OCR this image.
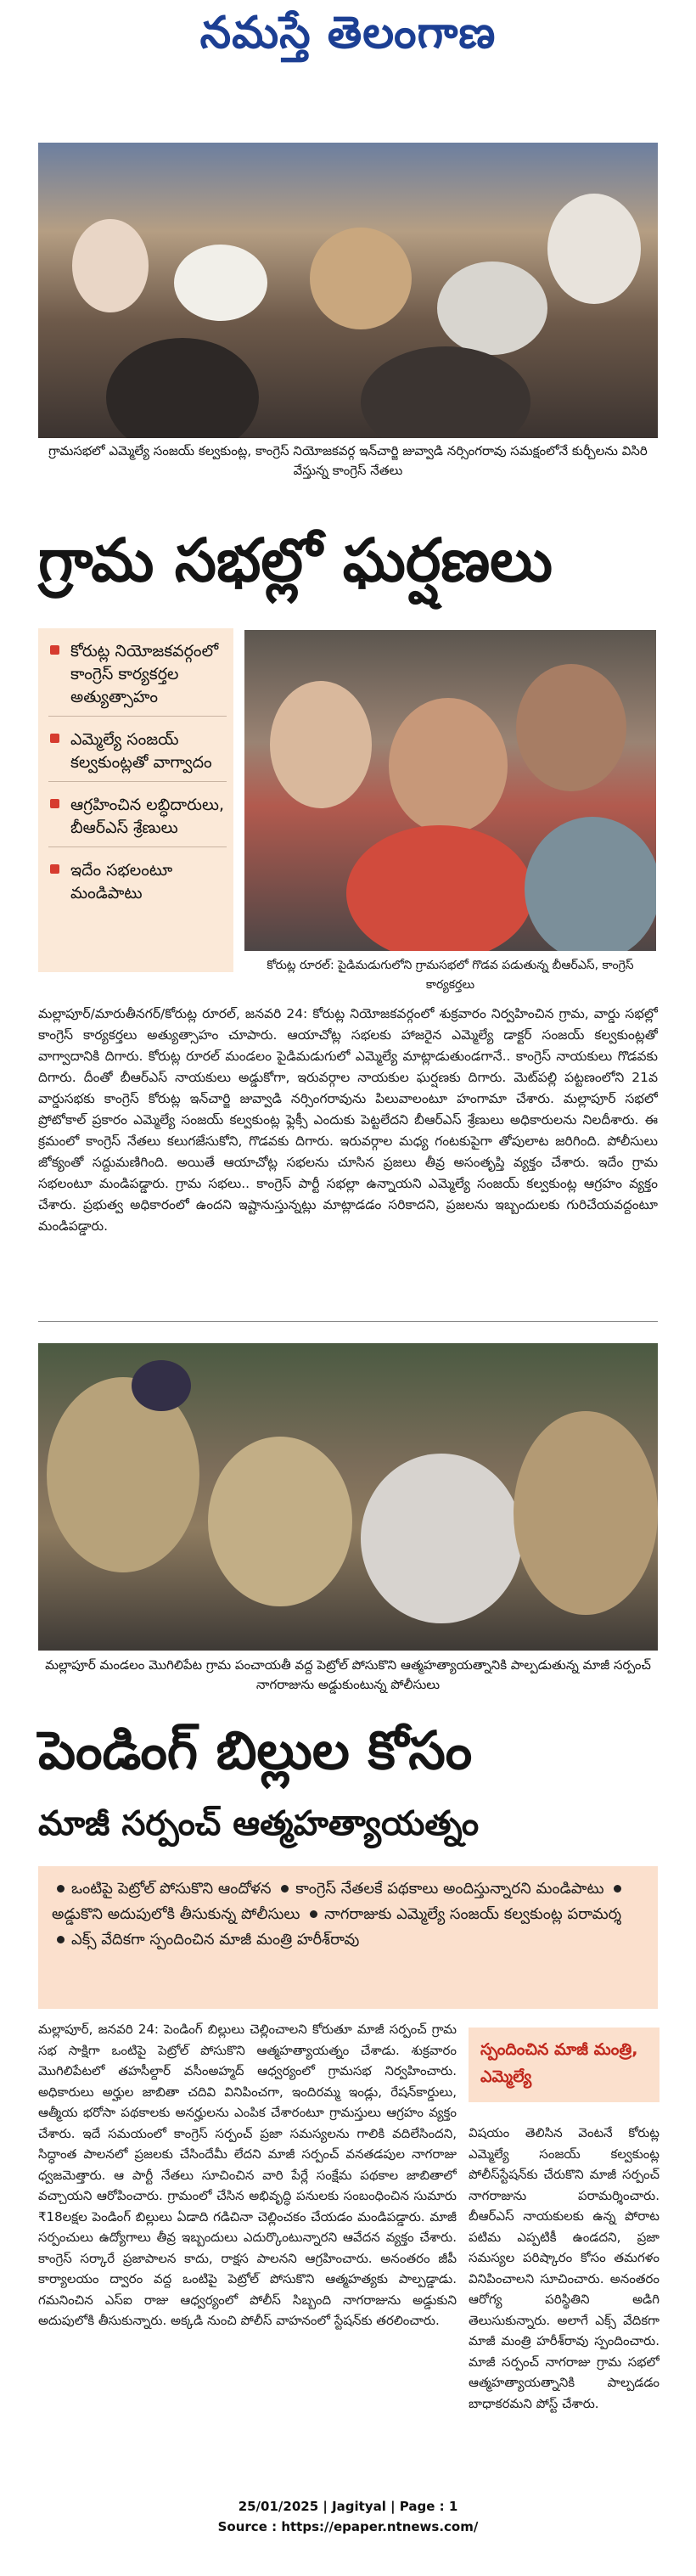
నమస్తే తెలంగాణ
గ్రామసభలో ఎమ్మెల్యే సంజయ్ కల్వకుంట్ల, కాంగ్రెస్ నియోజకవర్గ ఇన్‌చార్జి జువ్వాడి నర్సింగరావు సమక్షంలోనే కుర్చీలను విసిరి వేస్తున్న కాంగ్రెస్ నేతలు
గ్రామ సభల్లో ఘర్షణలు
కోరుట్ల నియోజకవర్గంలో కాంగ్రెస్ కార్యకర్తల అత్యుత్సాహం
ఎమ్మెల్యే సంజయ్ కల్వకుంట్లతో వాగ్వాదం
ఆగ్రహించిన లబ్ధిదారులు, బీఆర్ఎస్ శ్రేణులు
ఇదేం సభలంటూ మండిపాటు
కోరుట్ల రూరల్: పైడిమడుగులోని గ్రామసభలో గొడవ పడుతున్న బీఆర్ఎస్, కాంగ్రెస్ కార్యకర్తలు
మల్లాపూర్/మారుతీనగర్/కోరుట్ల రూరల్, జనవరి 24: కోరుట్ల నియోజకవర్గంలో శుక్రవారం నిర్వహించిన గ్రామ, వార్డు సభల్లో కాంగ్రెస్ కార్యకర్తలు అత్యుత్సాహం చూపారు. ఆయాచోట్ల సభలకు హాజరైన ఎమ్మెల్యే డాక్టర్ సంజయ్ కల్వకుంట్లతో వాగ్వాదానికి దిగారు. కోరుట్ల రూరల్ మండలం పైడిమడుగులో ఎమ్మెల్యే మాట్లాడుతుండగానే.. కాంగ్రెస్ నాయకులు గొడవకు దిగారు. దీంతో బీఆర్ఎస్ నాయకులు అడ్డుకోగా, ఇరువర్గాల నాయకుల ఘర్షణకు దిగారు. మెట్‌పల్లి పట్టణంలోని 21వ వార్డుసభకు కాంగ్రెస్ కోరుట్ల ఇన్‌చార్జి జువ్వాడి నర్సింగరావును పిలువాలంటూ హంగామా చేశారు. మల్లాపూర్ సభలో ప్రోటోకాల్ ప్రకారం ఎమ్మెల్యే సంజయ్ కల్వకుంట్ల ఫ్లెక్సీ ఎందుకు పెట్టలేదని బీఆర్ఎస్ శ్రేణులు అధికారులను నిలదీశారు. ఈ క్రమంలో కాంగ్రెస్ నేతలు కలుగజేసుకోని, గొడవకు దిగారు. ఇరువర్గాల మధ్య గంటకుపైగా తోపులాట జరిగింది. పోలీసులు జోక్యంతో సద్దుమణిగింది. అయితే ఆయాచోట్ల సభలను చూసిన ప్రజలు తీవ్ర అసంతృప్తి వ్యక్తం చేశారు. ఇదేం గ్రామ సభలంటూ మండిపడ్డారు. గ్రామ సభలు.. కాంగ్రెస్ పార్టీ సభల్లా ఉన్నాయని ఎమ్మెల్యే సంజయ్ కల్వకుంట్ల ఆగ్రహం వ్యక్తం చేశారు. ప్రభుత్వ అధికారంలో ఉందని ఇష్టానుస్తున్నట్లు మాట్లాడడం సరికాదని, ప్రజలను ఇబ్బందులకు గురిచేయవద్దంటూ మండిపడ్డారు.
మల్లాపూర్ మండలం మొగిలిపేట గ్రామ పంచాయతీ వద్ద పెట్రోల్ పోసుకొని ఆత్మహత్యాయత్నానికి పాల్పడుతున్న మాజీ సర్పంచ్ నాగరాజును అడ్డుకుంటున్న పోలీసులు
పెండింగ్ బిల్లుల కోసం
మాజీ సర్పంచ్ ఆత్మహత్యాయత్నం
ఒంటిపై పెట్రోల్ పోసుకొని ఆందోళన కాంగ్రెస్ నేతలకే పథకాలు అందిస్తున్నారని మండిపాటు అడ్డుకొని అదుపులోకి తీసుకున్న పోలీసులు నాగరాజుకు ఎమ్మెల్యే సంజయ్ కల్వకుంట్ల పరామర్శ ఎక్స్ వేదికగా స్పందించిన మాజీ మంత్రి హరీశ్‌రావు
మల్లాపూర్, జనవరి 24: పెండింగ్ బిల్లులు చెల్లించాలని కోరుతూ మాజీ సర్పంచ్ గ్రామ సభ సాక్షిగా ఒంటిపై పెట్రోల్ పోసుకొని ఆత్మహత్యాయత్నం చేశాడు. శుక్రవారం మొగిలిపేటలో తహసీల్దార్ వసీంఅహ్మద్ ఆధ్వర్యంలో గ్రామసభ నిర్వహించారు. అధికారులు అర్హుల జాబితా చదివి వినిపించగా, ఇందిరమ్మ ఇండ్లు, రేషన్‌కార్డులు, ఆత్మీయ భరోసా పథకాలకు అనర్హులను ఎంపిక చేశారంటూ గ్రామస్తులు ఆగ్రహం వ్యక్తం చేశారు. ఇదే సమయంలో కాంగ్రెస్ సర్పంచ్ ప్రజా సమస్యలను గాలికి వదిలేసిందని, సిద్ధాంత పాలనలో ప్రజలకు చేసిందేమీ లేదని మాజీ సర్పంచ్ వనతడపుల నాగరాజు ధ్వజమెత్తారు. ఆ పార్టీ నేతలు సూచించిన వారి పేర్లే సంక్షేమ పథకాల జాబితాలో వచ్చాయని ఆరోపించారు. గ్రామంలో చేసిన అభివృద్ధి పనులకు సంబంధించిన సుమారు ₹18లక్షల పెండింగ్ బిల్లులు ఏడాది గడిచినా చెల్లించకం చేయడం మండిపడ్డారు. మాజీ సర్పంచులు ఉద్యోగాలు తీవ్ర ఇబ్బందులు ఎదుర్కొంటున్నారని ఆవేదన వ్యక్తం చేశారు. కాంగ్రెస్ సర్కారే ప్రజాపాలన కాదు, రాక్షస పాలనని ఆగ్రహించారు. అనంతరం జీపీ కార్యాలయం ద్వారం వద్ద ఒంటిపై పెట్రోల్ పోసుకొని ఆత్మహత్యకు పాల్పడ్డాడు. గమనించిన ఎస్‌ఐ రాజు ఆధ్వర్యంలో పోలీస్ సిబ్బంది నాగరాజును అడ్డుకుని అదుపులోకి తీసుకున్నారు. అక్కడి నుంచి పోలీస్ వాహనంలో స్టేషన్‌కు తరలించారు.
స్పందించిన మాజీ మంత్రి, ఎమ్మెల్యే
విషయం తెలిసిన వెంటనే కోరుట్ల ఎమ్మెల్యే సంజయ్ కల్వకుంట్ల పోలీస్‌స్టేషన్‌కు చేరుకొని మాజీ సర్పంచ్ నాగరాజును పరామర్శించారు. బీఆర్ఎస్ నాయకులకు ఉన్న పోరాట పటిమ ఎప్పటికీ ఉండదని, ప్రజా సమస్యల పరిష్కారం కోసం తమగళం వినిపించాలని సూచించారు. అనంతరం ఆరోగ్య పరిస్థితిని అడిగి తెలుసుకున్నారు. అలాగే ఎక్స్ వేదికగా మాజీ మంత్రి హరీశ్‌రావు స్పందించారు. మాజీ సర్పంచ్ నాగరాజు గ్రామ సభలో ఆత్మహత్యాయత్నానికి పాల్పడడం బాధాకరమని పోస్ట్ చేశారు.
25/01/2025 | Jagityal | Page : 1
Source : https://epaper.ntnews.com/
